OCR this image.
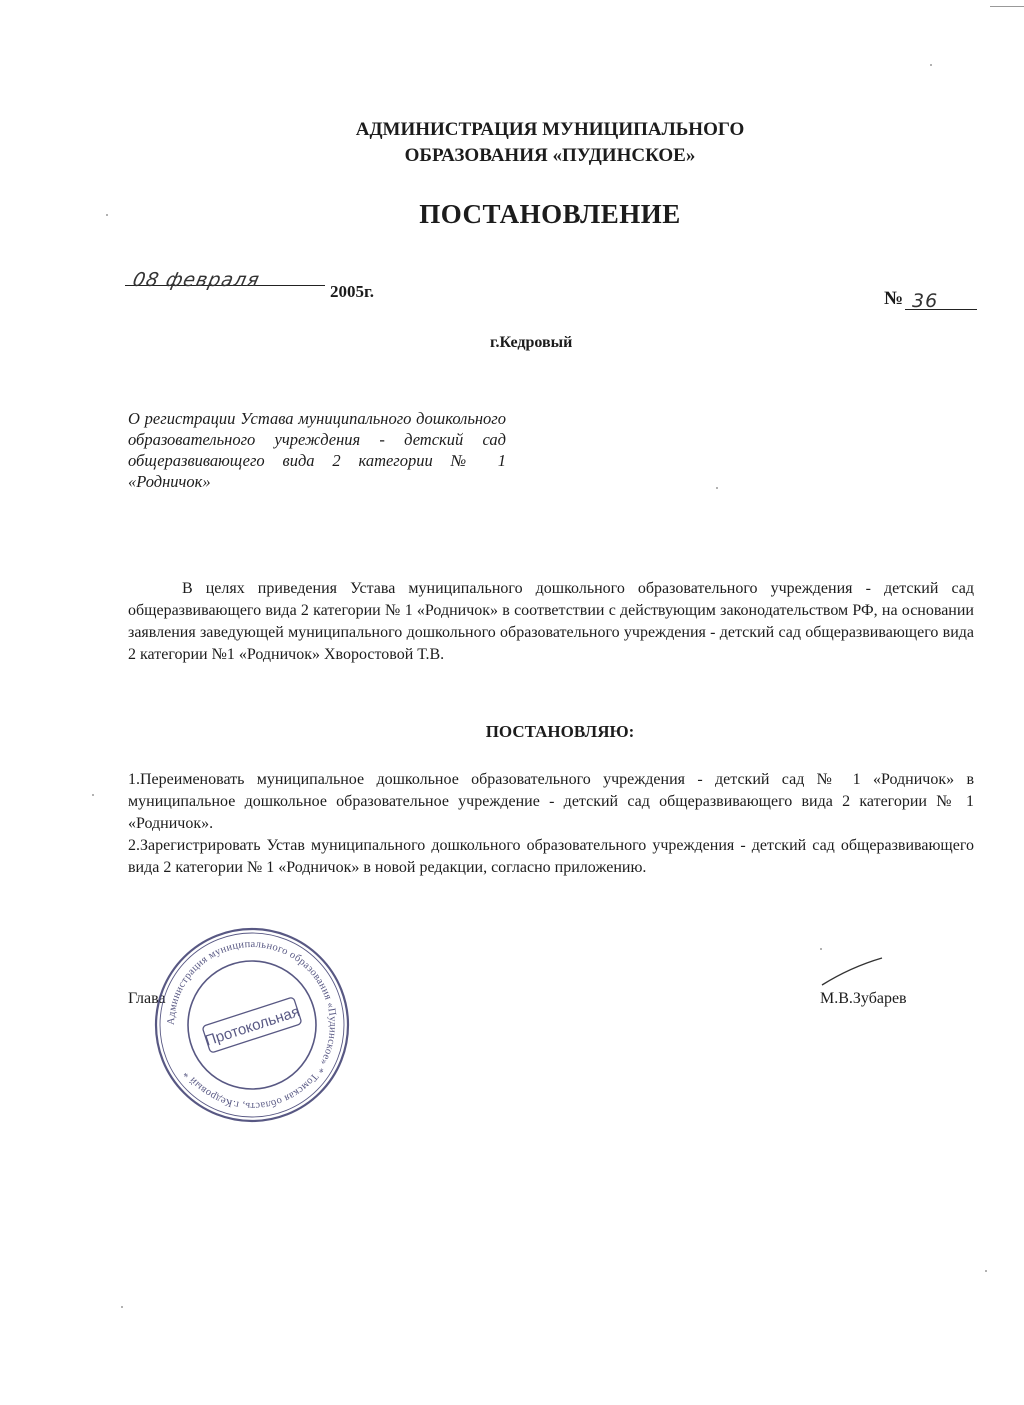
АДМИНИСТРАЦИЯ МУНИЦИПАЛЬНОГО
ОБРАЗОВАНИЯ «ПУДИНСКОЕ»
ПОСТАНОВЛЕНИЕ
08 февраля
2005г.	№ 36
г.Кедровый
О регистрации Устава муниципального дошкольного образовательного учреждения - детский сад общеразвивающего вида 2 категории № 1 «Родничок»
В целях приведения Устава муниципального дошкольного образовательного учреждения - детский сад общеразвивающего вида 2 категории № 1 «Родничок» в соответствии с действующим законодательством РФ, на основании заявления заведующей муниципального дошкольного образовательного учреждения - детский сад общеразвивающего вида 2 категории №1 «Родничок» Хворостовой Т.В.
ПОСТАНОВЛЯЮ:

1.Переименовать муниципальное дошкольное образовательного учреждения - детский сад № 1 «Родничок» в муниципальное дошкольное образовательное учреждение - детский сад общеразвивающего вида 2 категории № 1 «Родничок».

2.Зарегистрировать Устав муниципального дошкольного образовательного учреждения - детский сад общеразвивающего вида 2 категории № 1 «Родничок» в новой редакции, согласно приложению.

Глава	М.В.Зубарев
Администрация муниципального образования «Пудинское» * Томская область, г.Кедровый *
Протокольная
